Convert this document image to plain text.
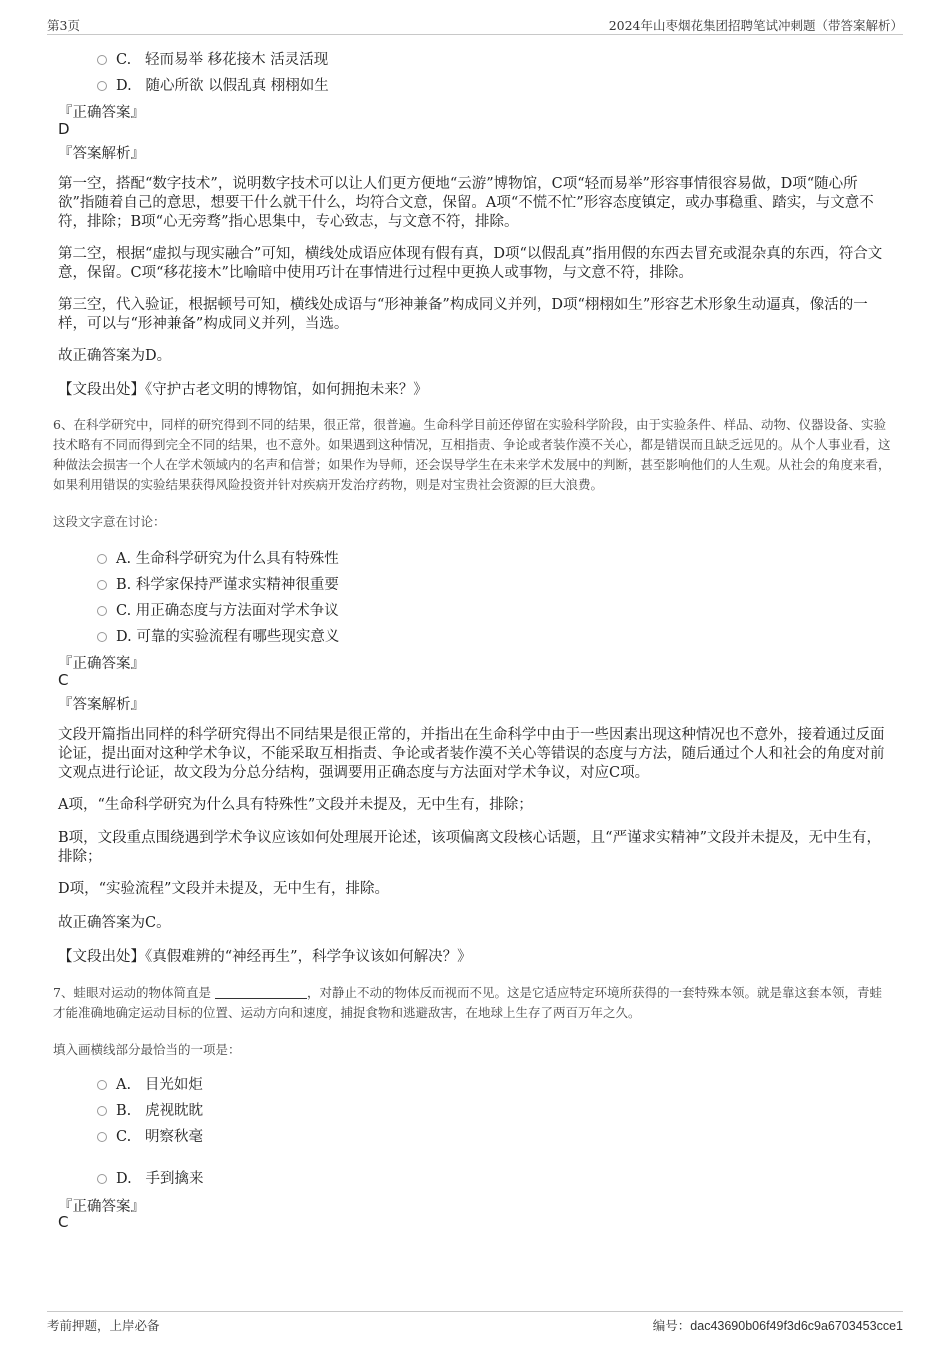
第3页	2024年山枣烟花集团招聘笔试冲刺题（带答案解析）
C. 轻而易举 移花接木 活灵活现
D. 随心所欲 以假乱真 栩栩如生
『正确答案』
D
『答案解析』

第一空，搭配“数字技术”，说明数字技术可以让人们更方便地“云游”博物馆，C项“轻而易举”形容事情很容易做，D项“随心所欲”指随着自己的意思，想要干什么就干什么，均符合文意，保留。A项“不慌不忙”形容态度镇定，或办事稳重、踏实，与文意不符，排除；B项“心无旁骛”指心思集中，专心致志，与文意不符，排除。

第二空，根据“虚拟与现实融合”可知，横线处成语应体现有假有真，D项“以假乱真”指用假的东西去冒充或混杂真的东西，符合文意，保留。C项“移花接木”比喻暗中使用巧计在事情进行过程中更换人或事物，与文意不符，排除。

第三空，代入验证，根据顿号可知，横线处成语与“形神兼备”构成同义并列，D项“栩栩如生”形容艺术形象生动逼真，像活的一样，可以与“形神兼备”构成同义并列，当选。

故正确答案为D。

【文段出处】《守护古老文明的博物馆，如何拥抱未来？》

6、在科学研究中，同样的研究得到不同的结果，很正常，很普遍。生命科学目前还停留在实验科学阶段，由于实验条件、样品、动物、仪器设备、实验技术略有不同而得到完全不同的结果，也不意外。如果遇到这种情况，互相指责、争论或者装作漠不关心，都是错误而且缺乏远见的。从个人事业看，这种做法会损害一个人在学术领域内的名声和信誉；如果作为导师，还会误导学生在未来学术发展中的判断，甚至影响他们的人生观。从社会的角度来看，如果利用错误的实验结果获得风险投资并针对疾病开发治疗药物，则是对宝贵社会资源的巨大浪费。

这段文字意在讨论：
A. 生命科学研究为什么具有特殊性
B. 科学家保持严谨求实精神很重要
C. 用正确态度与方法面对学术争议
D. 可靠的实验流程有哪些现实意义
『正确答案』
C
『答案解析』

文段开篇指出同样的科学研究得出不同结果是很正常的，并指出在生命科学中由于一些因素出现这种情况也不意外，接着通过反面论证，提出面对这种学术争议，不能采取互相指责、争论或者装作漠不关心等错误的态度与方法，随后通过个人和社会的角度对前文观点进行论证，故文段为分总分结构，强调要用正确态度与方法面对学术争议，对应C项。

A项，“生命科学研究为什么具有特殊性”文段并未提及，无中生有，排除；

B项，文段重点围绕遇到学术争议应该如何处理展开论述，该项偏离文段核心话题，且“严谨求实精神”文段并未提及，无中生有，排除；

D项，“实验流程”文段并未提及，无中生有，排除。

故正确答案为C。

【文段出处】《真假难辨的“神经再生”，科学争议该如何解决？》

7、蛙眼对运动的物体简直是	，对静止不动的物体反而视而不见。这是它适应特定环境所获得的一套特殊本领。就是靠这套本领，青蛙才能准确地确定运动目标的位置、运动方向和速度，捕捉食物和逃避敌害，在地球上生存了两百万年之久。

填入画横线部分最恰当的一项是：
A. 目光如炬
B. 虎视眈眈
C. 明察秋毫
D. 手到擒来
『正确答案』
C
考前押题，上岸必备	编号：dac43690b06f49f3d6c9a6703453cce1
